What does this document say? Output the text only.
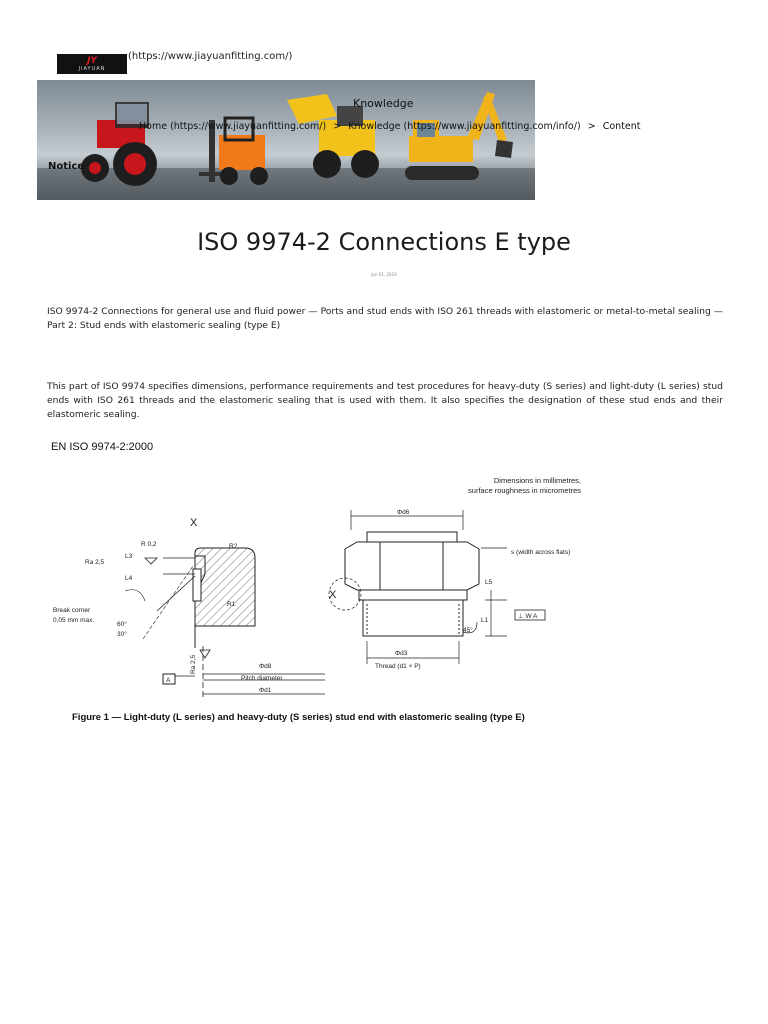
JY
JIAYUAN
(https://www.jiayuanfitting.com/)
Knowledge
Home (https://www.jiayuanfitting.com/) > Knowledge (https://www.jiayuanfitting.com/info/) > Content
Notice
ISO 9974-2 Connections E type
Jun 01, 2019

ISO 9974-2 Connections for general use and fluid power — Ports and stud ends with ISO 261 threads with elastomeric or metal-to-metal sealing — Part 2: Stud ends with elastomeric sealing (type E)

This part of ISO 9974 specifies dimensions, performance requirements and test procedures for heavy-duty (S series) and light-duty (L series) stud ends with ISO 261 threads and the elastomeric sealing that is used with them. It also specifies the designation of these stud ends and their elastomeric sealing.

EN ISO 9974-2:2000
Dimensions in millimetres,
surface roughness in micrometres
X
R 0,2	R2
R1
Ra 2,5
L3
L4
Break corner
0,05 mm max.
60°
30°
Ra 2,5	Φd8
Pitch diameter
Φd1
A
X
Φd6
s (width across flats)
L5
L1
45°
⊥ W A
Φd3
Thread (d1 × P)
Figure 1 — Light-duty (L series) and heavy-duty (S series) stud end with elastomeric sealing (type E)
